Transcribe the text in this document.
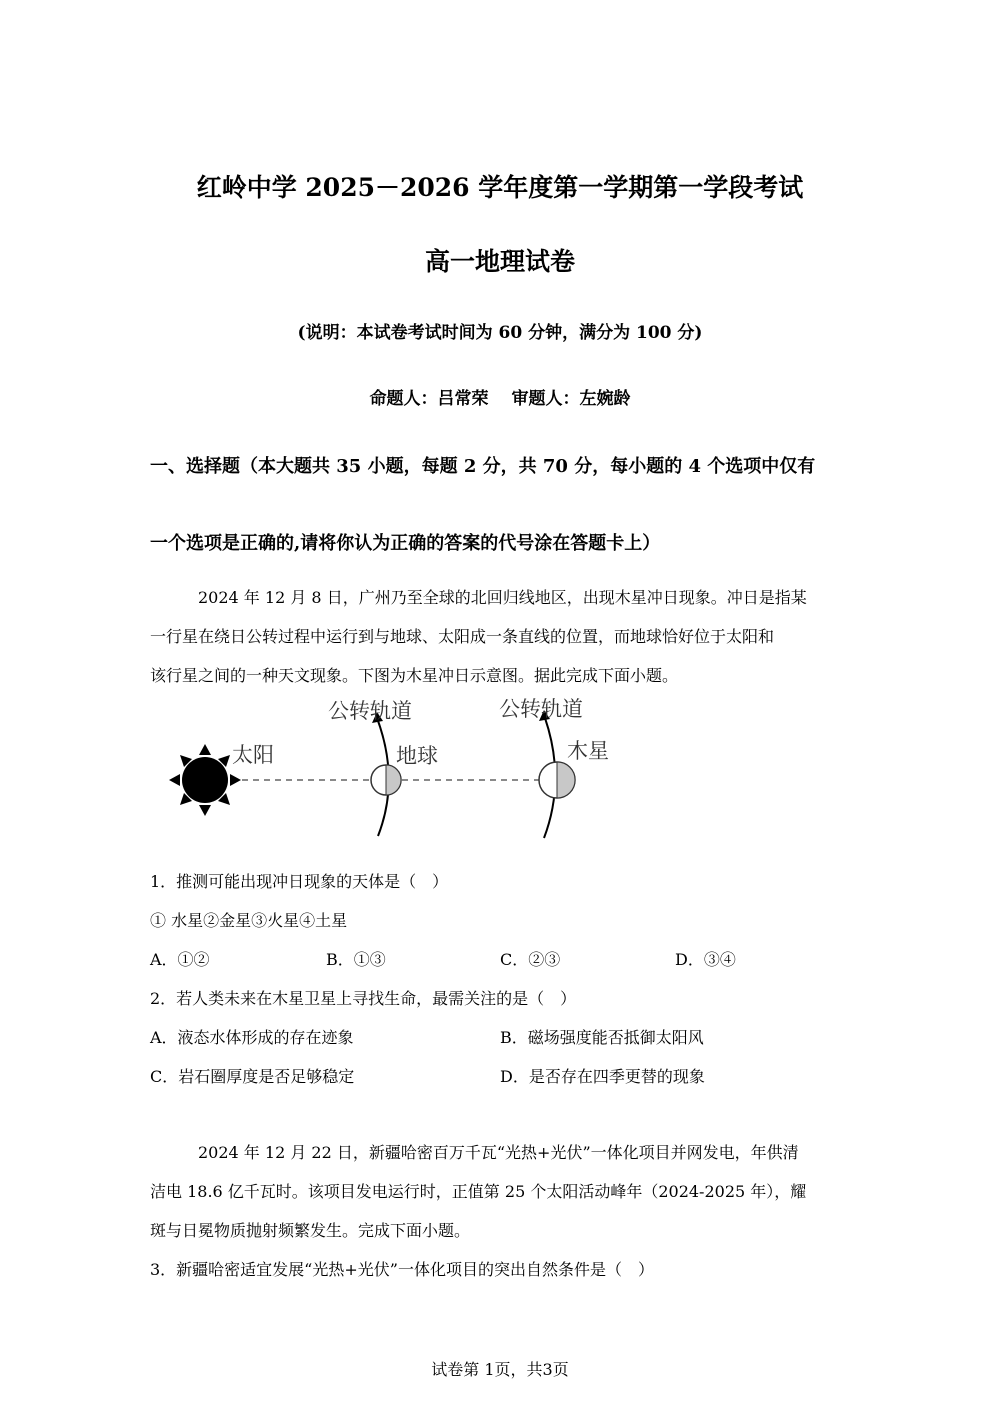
红岭中学 2025－2026 学年度第一学期第一学段考试
高一地理试卷
(说明：本试卷考试时间为 60 分钟，满分为 100 分)
命题人：吕常荣　 审题人：左婉龄
一、选择题（本大题共 35 小题，每题 2 分，共 70 分，每小题的 4 个选项中仅有
一个选项是正确的,请将你认为正确的答案的代号涂在答题卡上）
2024 年 12 月 8 日，广州乃至全球的北回归线地区，出现木星冲日现象。冲日是指某
一行星在绕日公转过程中运行到与地球、太阳成一条直线的位置，而地球恰好位于太阳和
该行星之间的一种天文现象。下图为木星冲日示意图。据此完成下面小题。
公转轨道	公转轨道
太阳	地球	木星
1．推测可能出现冲日现象的天体是（　）
① 水星②金星③火星④土星
A．①②	B．①③	C．②③	D．③④
2．若人类未来在木星卫星上寻找生命，最需关注的是（　）
A．液态水体形成的存在迹象	B．磁场强度能否抵御太阳风
C．岩石圈厚度是否足够稳定	D．是否存在四季更替的现象
2024 年 12 月 22 日，新疆哈密百万千瓦“光热+光伏”一体化项目并网发电，年供清
洁电 18.6 亿千瓦时。该项目发电运行时，正值第 25 个太阳活动峰年（2024-2025 年），耀
斑与日冕物质抛射频繁发生。完成下面小题。
3．新疆哈密适宜发展“光热+光伏”一体化项目的突出自然条件是（　）
试卷第 1页，共3页
